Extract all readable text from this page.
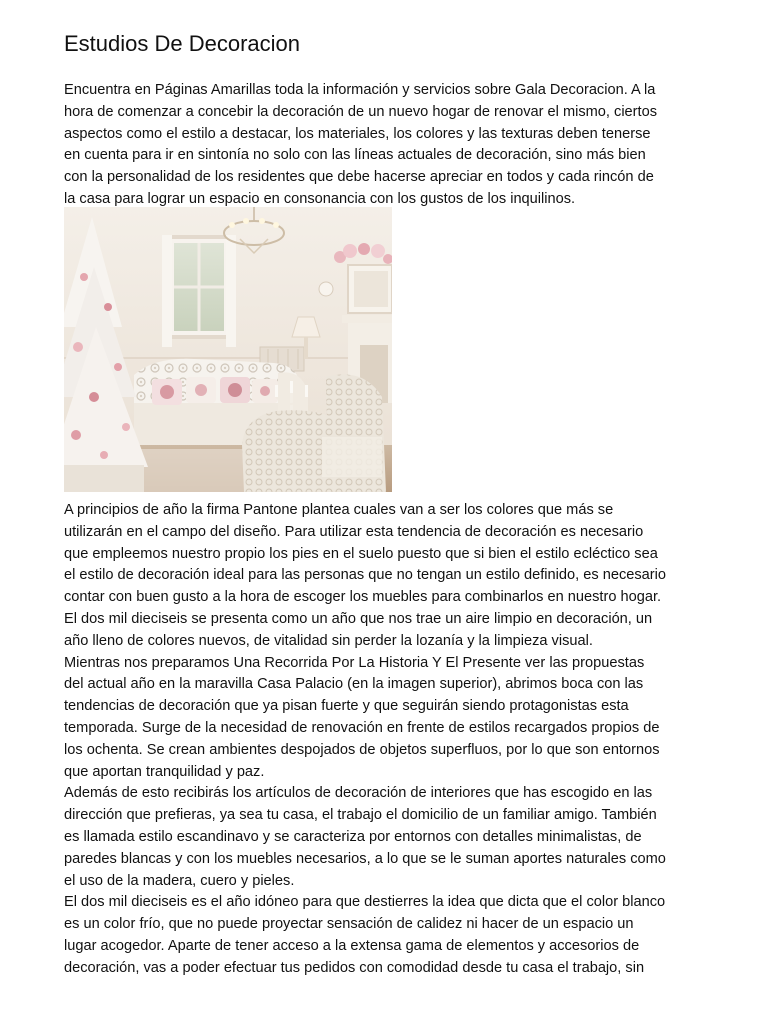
Estudios De Decoracion

Encuentra en Páginas Amarillas toda la información y servicios sobre Gala Decoracion. A la
hora de comenzar a concebir la decoración de un nuevo hogar de renovar el mismo, ciertos
aspectos como el estilo a destacar, los materiales, los colores y las texturas deben tenerse
en cuenta para ir en sintonía no solo con las líneas actuales de decoración, sino más bien
con la personalidad de los residentes que debe hacerse apreciar en todos y cada rincón de
la casa para lograr un espacio en consonancia con los gustos de los inquilinos.

A principios de año la firma Pantone plantea cuales van a ser los colores que más se
utilizarán en el campo del diseño. Para utilizar esta tendencia de decoración es necesario
que empleemos nuestro propio los pies en el suelo puesto que si bien el estilo ecléctico sea
el estilo de decoración ideal para las personas que no tengan un estilo definido, es necesario
contar con buen gusto a la hora de escoger los muebles para combinarlos en nuestro hogar.
El dos mil dieciseis se presenta como un año que nos trae un aire limpio en decoración, un
año lleno de colores nuevos, de vitalidad sin perder la lozanía y la limpieza visual.
Mientras nos preparamos Una Recorrida Por La Historia Y El Presente ver las propuestas
del actual año en la maravilla Casa Palacio (en la imagen superior), abrimos boca con las
tendencias de decoración que ya pisan fuerte y que seguirán siendo protagonistas esta
temporada. Surge de la necesidad de renovación en frente de estilos recargados propios de
los ochenta. Se crean ambientes despojados de objetos superfluos, por lo que son entornos
que aportan tranquilidad y paz.
Además de esto recibirás los artículos de decoración de interiores que has escogido en las
dirección que prefieras, ya sea tu casa, el trabajo el domicilio de un familiar amigo. También
es llamada estilo escandinavo y se caracteriza por entornos con detalles minimalistas, de
paredes blancas y con los muebles necesarios, a lo que se le suman aportes naturales como
el uso de la madera, cuero y pieles.
El dos mil dieciseis es el año idóneo para que destierres la idea que dicta que el color blanco
es un color frío, que no puede proyectar sensación de calidez ni hacer de un espacio un
lugar acogedor. Aparte de tener acceso a la extensa gama de elementos y accesorios de
decoración, vas a poder efectuar tus pedidos con comodidad desde tu casa el trabajo, sin
